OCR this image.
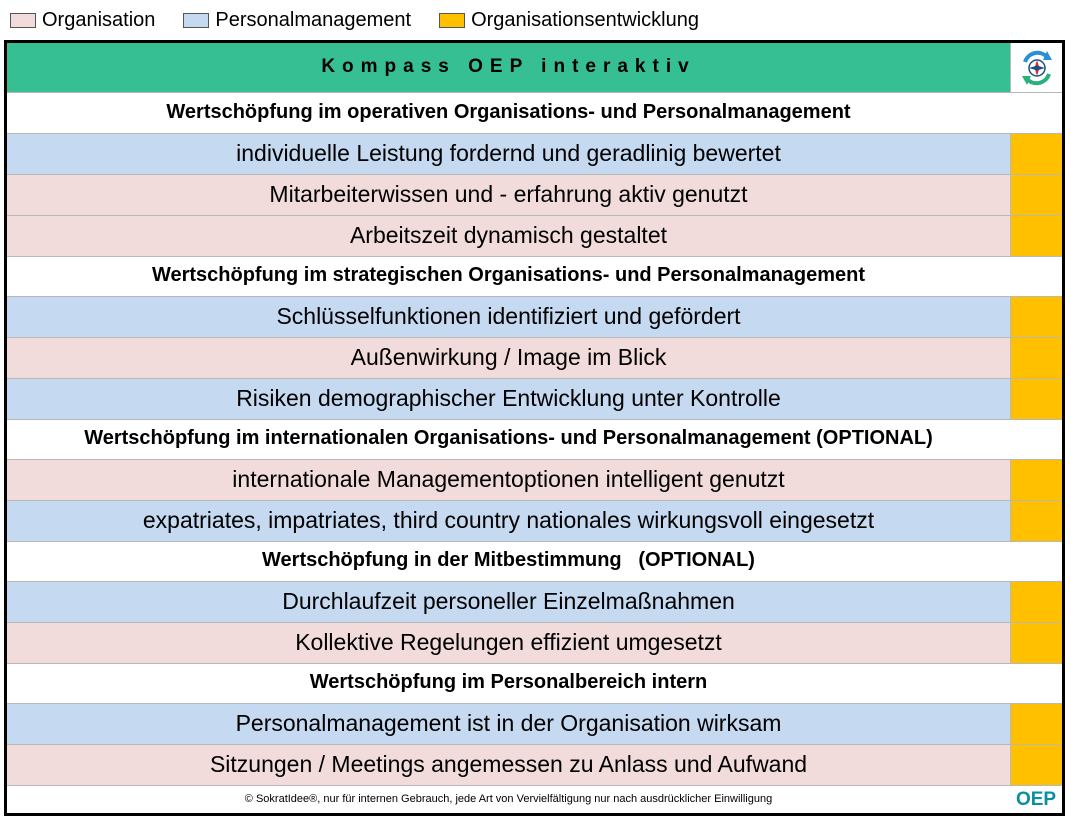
Organisation	Personalmanagement	Organisationsentwicklung
Kompass OEP interaktiv
Wertschöpfung im operativen Organisations- und Personalmanagement
individuelle Leistung fordernd und geradlinig bewertet
Mitarbeiterwissen und - erfahrung aktiv genutzt
Arbeitszeit dynamisch gestaltet
Wertschöpfung im strategischen Organisations- und Personalmanagement
Schlüsselfunktionen identifiziert und gefördert
Außenwirkung / Image im Blick
Risiken demographischer Entwicklung unter Kontrolle
Wertschöpfung im internationalen Organisations- und Personalmanagement (OPTIONAL)
internationale Managementoptionen intelligent genutzt
expatriates, impatriates, third country nationales wirkungsvoll eingesetzt
Wertschöpfung in der Mitbestimmung   (OPTIONAL)
Durchlaufzeit personeller Einzelmaßnahmen
Kollektive Regelungen effizient umgesetzt
Wertschöpfung im Personalbereich intern
Personalmanagement ist in der Organisation wirksam
Sitzungen / Meetings angemessen zu Anlass und Aufwand
© SokratIdee®, nur für internen Gebrauch, jede Art von Vervielfältigung nur nach ausdrücklicher Einwilligung	OEP
